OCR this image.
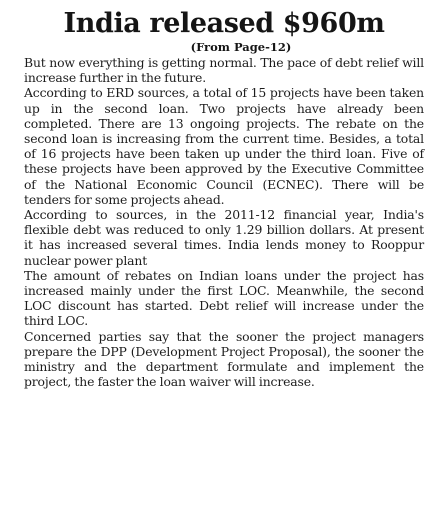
India released $960m
(From Page-12)

But now everything is getting normal. The pace of debt relief will increase further in the future.

According to ERD sources, a total of 15 projects have been taken up in the second loan. Two projects have already been completed. There are 13 ongoing projects. The rebate on the second loan is increasing from the current time. Besides, a total of 16 projects have been taken up under the third loan. Five of these projects have been approved by the Executive Committee of the National Economic Council (ECNEC). There will be tenders for some projects ahead.

According to sources, in the 2011-12 financial year, India's flexible debt was reduced to only 1.29 billion dollars. At present it has increased several times. India lends money to Rooppur nuclear power plant

The amount of rebates on Indian loans under the project has increased mainly under the first LOC. Meanwhile, the second LOC discount has started. Debt relief will increase under the third LOC.

Concerned parties say that the sooner the project managers prepare the DPP (Development Project Proposal), the sooner the ministry and the department formulate and implement the project, the faster the loan waiver will increase.
